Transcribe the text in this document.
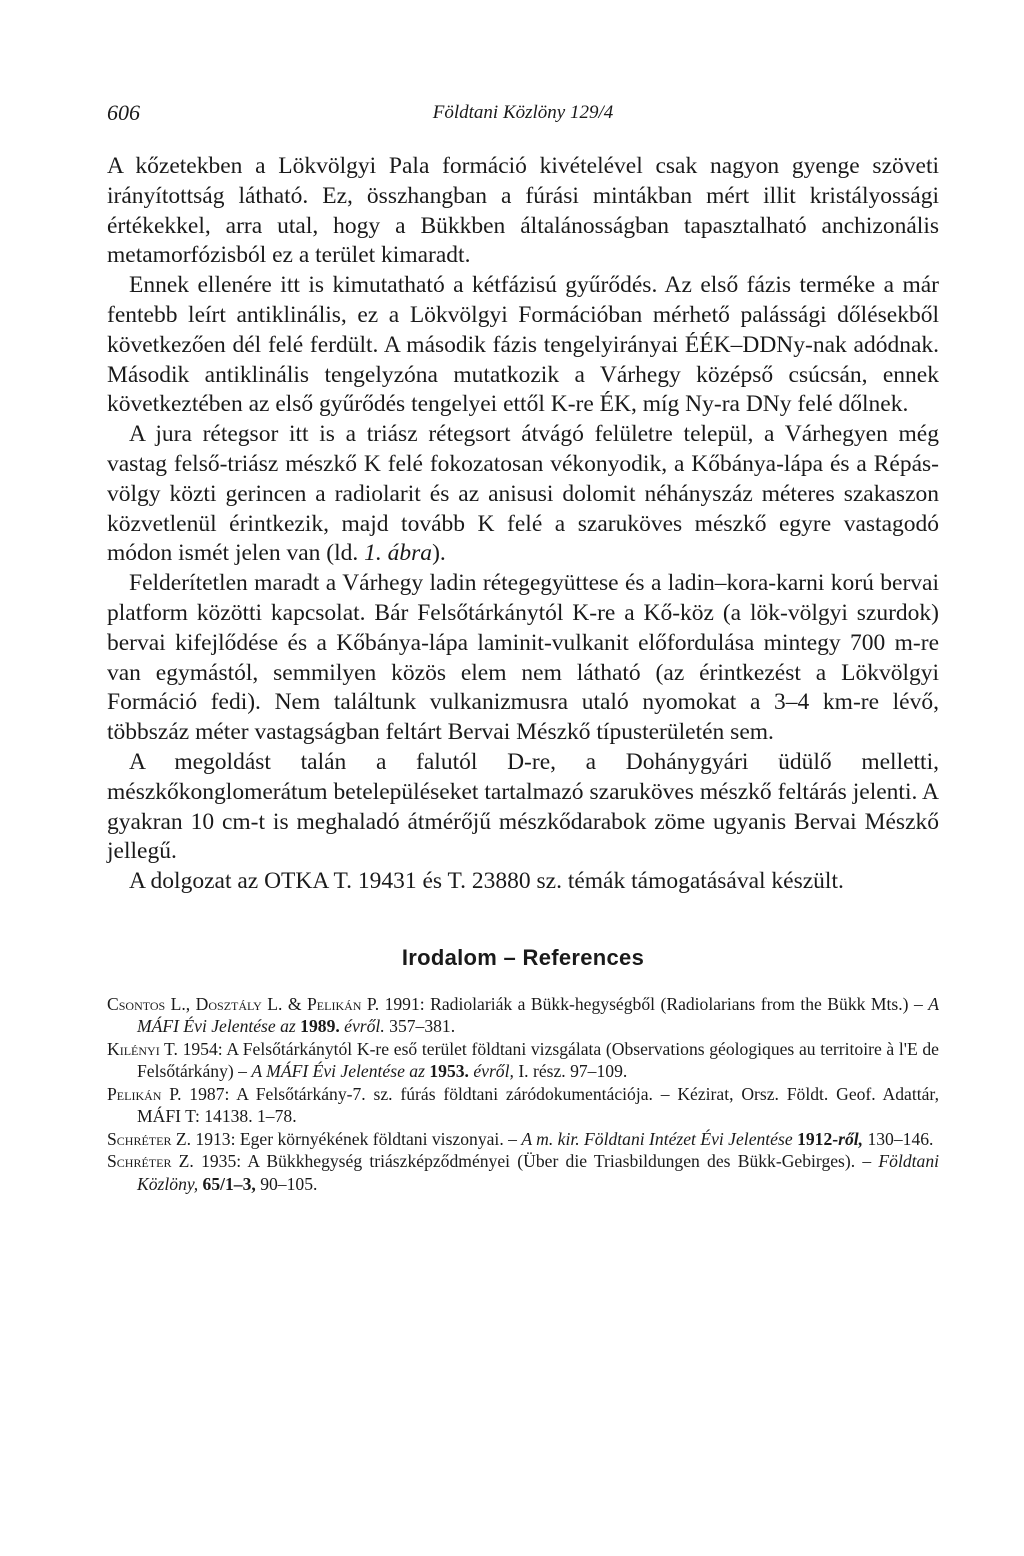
606	Földtani Közlöny 129/4

A kőzetekben a Lökvölgyi Pala formáció kivételével csak nagyon gyenge szöveti irányítottság látható. Ez, összhangban a fúrási mintákban mért illit kristályossági értékekkel, arra utal, hogy a Bükkben általánosságban tapasztalható anchizonális metamorfózisból ez a terület kimaradt.

Ennek ellenére itt is kimutatható a kétfázisú gyűrődés. Az első fázis terméke a már fentebb leírt antiklinális, ez a Lökvölgyi Formációban mérhető palássági dőlésekből következően dél felé ferdült. A második fázis tengelyirányai ÉÉK–DDNy-nak adódnak. Második antiklinális tengelyzóna mutatkozik a Várhegy középső csúcsán, ennek következtében az első gyűrődés tengelyei ettől K-re ÉK, míg Ny-ra DNy felé dőlnek.

A jura rétegsor itt is a triász rétegsort átvágó felületre települ, a Várhegyen még vastag felső-triász mészkő K felé fokozatosan vékonyodik, a Kőbánya-lápa és a Répás-völgy közti gerincen a radiolarit és az anisusi dolomit néhányszáz méteres szakaszon közvetlenül érintkezik, majd tovább K felé a szaruköves mészkő egyre vastagodó módon ismét jelen van (ld. 1. ábra).

Felderítetlen maradt a Várhegy ladin rétegegyüttese és a ladin–kora-karni korú bervai platform közötti kapcsolat. Bár Felsőtárkánytól K-re a Kő-köz (a lök-völgyi szurdok) bervai kifejlődése és a Kőbánya-lápa laminit-vulkanit előfordulása mintegy 700 m-re van egymástól, semmilyen közös elem nem látható (az érintkezést a Lökvölgyi Formáció fedi). Nem találtunk vulkanizmusra utaló nyomokat a 3–4 km-re lévő, többszáz méter vastagságban feltárt Bervai Mészkő típusterületén sem.

A megoldást talán a falutól D-re, a Dohánygyári üdülő melletti, mészkőkonglomerátum betelepüléseket tartalmazó szaruköves mészkő feltárás jelenti. A gyakran 10 cm-t is meghaladó átmérőjű mészkődarabok zöme ugyanis Bervai Mészkő jellegű.

A dolgozat az OTKA T. 19431 és T. 23880 sz. témák támogatásával készült.

Irodalom – References

Csontos L., Dosztály L. & Pelikán P. 1991: Radiolariák a Bükk-hegységből (Radiolarians from the Bükk Mts.) – A MÁFI Évi Jelentése az 1989. évről. 357–381.

Kilényi T. 1954: A Felsőtárkánytól K-re eső terület földtani vizsgálata (Observations géologiques au territoire à l'E de Felsőtárkány) – A MÁFI Évi Jelentése az 1953. évről, I. rész. 97–109.

Pelikán P. 1987: A Felsőtárkány-7. sz. fúrás földtani záródokumentációja. – Kézirat, Orsz. Földt. Geof. Adattár, MÁFI T: 14138. 1–78.

Schréter Z. 1913: Eger környékének földtani viszonyai. – A m. kir. Földtani Intézet Évi Jelentése 1912-ről, 130–146.

Schréter Z. 1935: A Bükkhegység triászképződményei (Über die Triasbildungen des Bükk-Gebirges). – Földtani Közlöny, 65/1–3, 90–105.
